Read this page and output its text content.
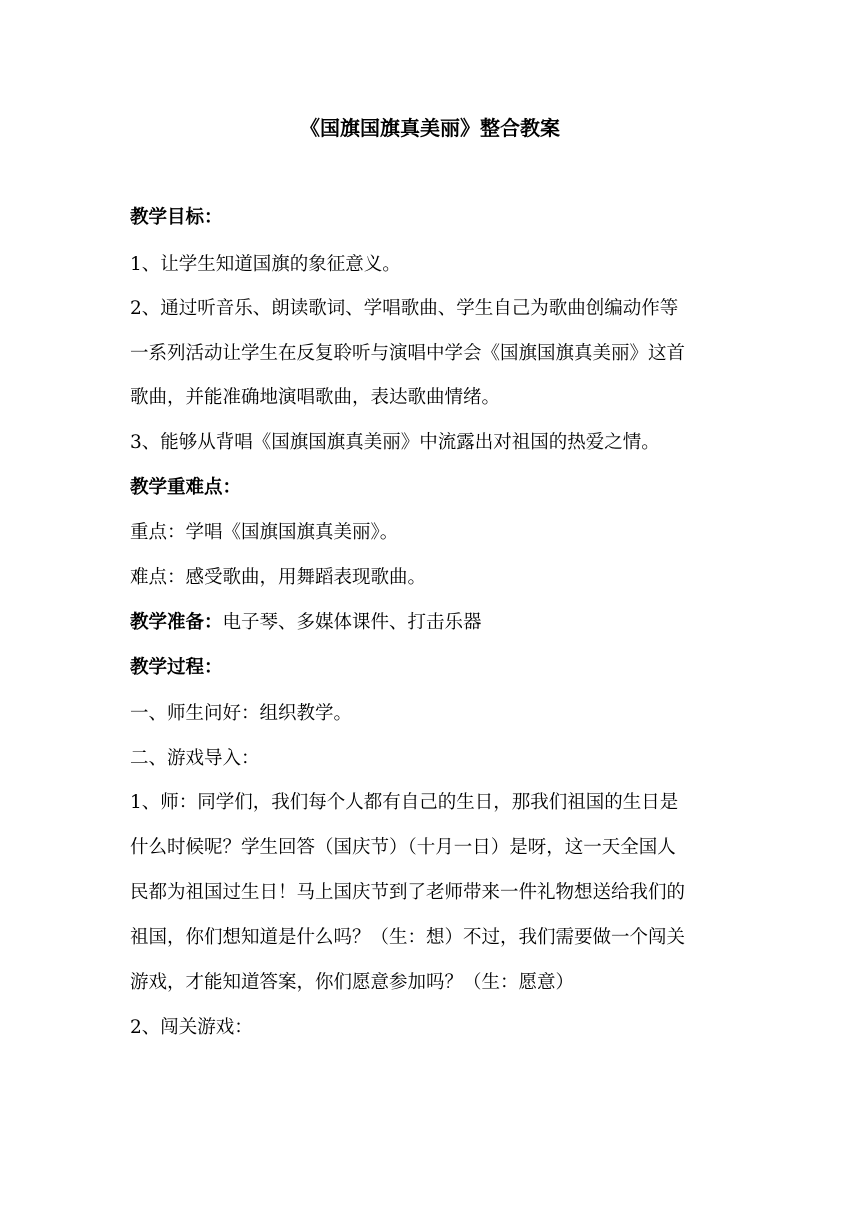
《国旗国旗真美丽》整合教案
教学目标：
1、让学生知道国旗的象征意义。
2、通过听音乐、朗读歌词、学唱歌曲、学生自己为歌曲创编动作等
一系列活动让学生在反复聆听与演唱中学会《国旗国旗真美丽》这首
歌曲，并能准确地演唱歌曲，表达歌曲情绪。
3、能够从背唱《国旗国旗真美丽》中流露出对祖国的热爱之情。
教学重难点：
重点：学唱《国旗国旗真美丽》。
难点：感受歌曲，用舞蹈表现歌曲。
教学准备：电子琴、多媒体课件、打击乐器
教学过程：
一、师生问好：组织教学。
二、游戏导入：
1、师：同学们，我们每个人都有自己的生日，那我们祖国的生日是
什么时候呢？学生回答（国庆节）（十月一日）是呀，这一天全国人
民都为祖国过生日！马上国庆节到了老师带来一件礼物想送给我们的
祖国，你们想知道是什么吗？（生：想）不过，我们需要做一个闯关
游戏，才能知道答案，你们愿意参加吗？（生：愿意）
2、闯关游戏：
